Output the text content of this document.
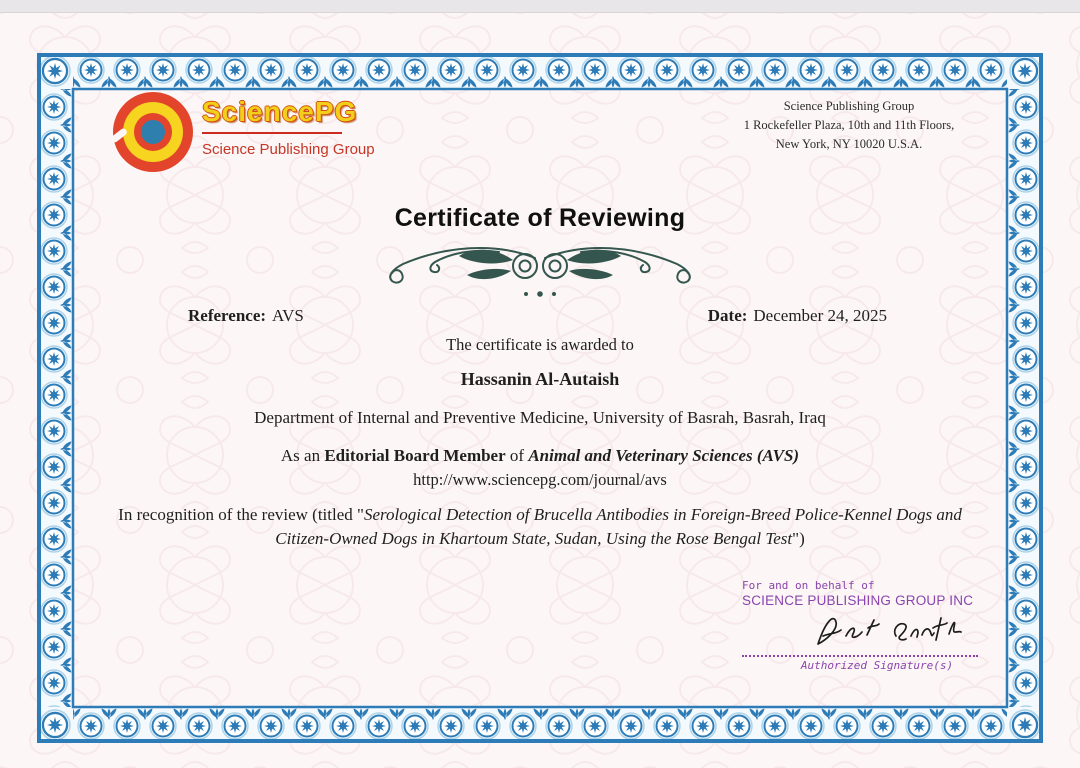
SciencePG
Science Publishing Group
Science Publishing Group
1 Rockefeller Plaza, 10th and 11th Floors,
New York, NY 10020 U.S.A.
Certificate of Reviewing
Reference: AVS	Date: December 24, 2025
The certificate is awarded to
Hassanin Al-Autaish
Department of Internal and Preventive Medicine, University of Basrah, Basrah, Iraq
As an Editorial Board Member of Animal and Veterinary Sciences (AVS)
http://www.sciencepg.com/journal/avs
In recognition of the review (titled "Serological Detection of Brucella Antibodies in Foreign-Breed Police-Kennel Dogs and Citizen-Owned Dogs in Khartoum State, Sudan, Using the Rose Bengal Test")
For and on behalf of
SCIENCE PUBLISHING GROUP INC
Authorized Signature(s)
